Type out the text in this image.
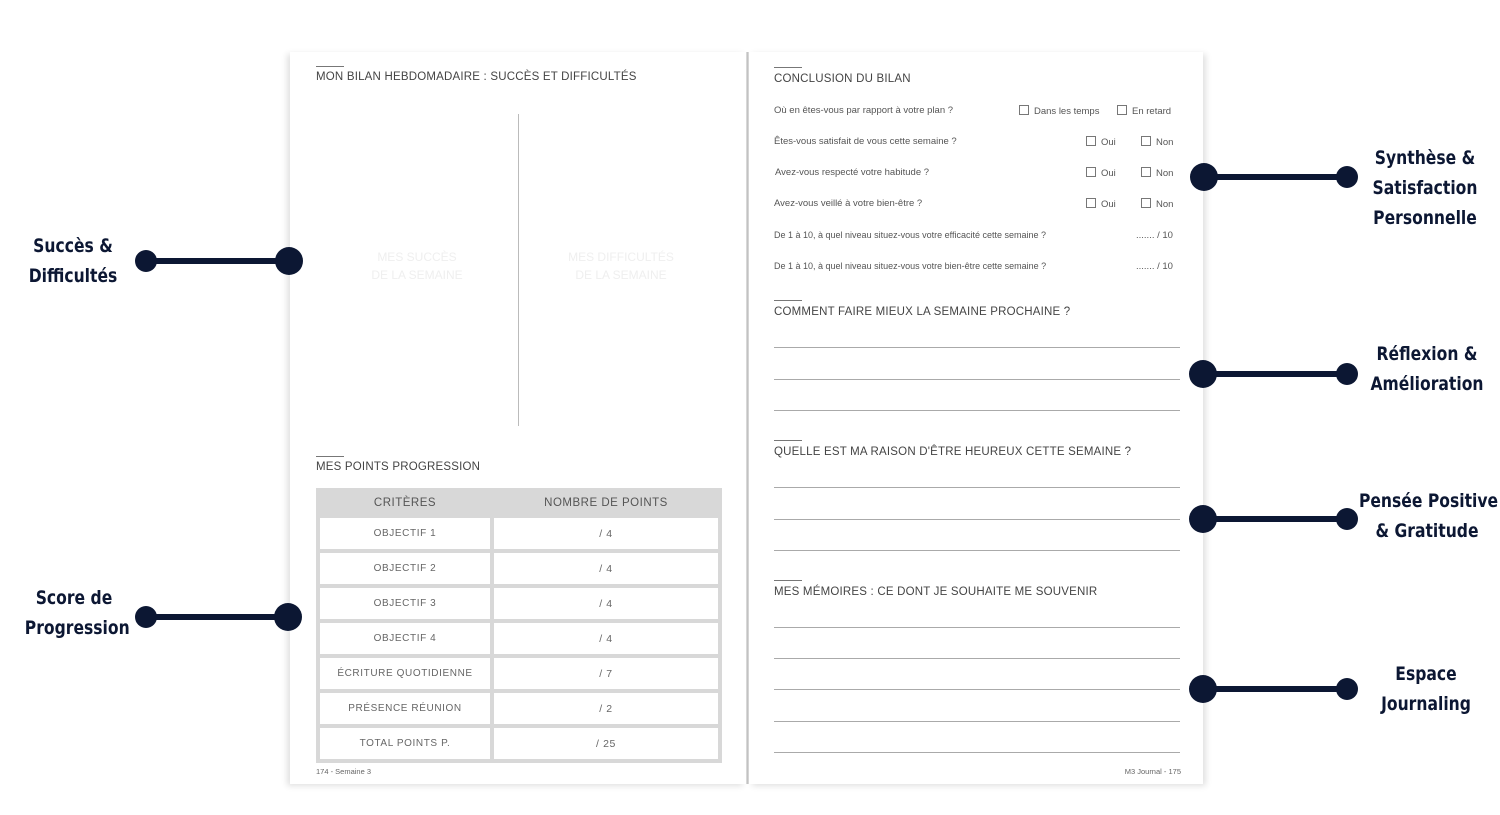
MON BILAN HEBDOMADAIRE : SUCCÈS ET DIFFICULTÉS
MES SUCCÈS
DE LA SEMAINE
MES DIFFICULTÉS
DE LA SEMAINE
MES POINTS PROGRESSION
CRITÈRES	NOMBRE DE POINTS
OBJECTIF 1	/ 4
OBJECTIF 2	/ 4
OBJECTIF 3	/ 4
OBJECTIF 4	/ 4
ÉCRITURE QUOTIDIENNE	/ 7
PRÉSENCE RÉUNION	/ 2
TOTAL POINTS P.	/ 25
174 - Semaine 3
CONCLUSION DU BILAN
Où en êtes-vous par rapport à votre plan ?	Dans les temps	En retard
Êtes-vous satisfait de vous cette semaine ?	Oui	Non
Avez-vous respecté votre habitude ?	Oui	Non
Avez-vous veillé à votre bien-être ?	Oui	Non
De 1 à 10, à quel niveau situez-vous votre efficacité cette semaine ?	....... / 10
De 1 à 10, à quel niveau situez-vous votre bien-être cette semaine ?	....... / 10
COMMENT FAIRE MIEUX LA SEMAINE PROCHAINE ?
QUELLE EST MA RAISON D'ÊTRE HEUREUX CETTE SEMAINE ?
MES MÉMOIRES : CE DONT JE SOUHAITE ME SOUVENIR
M3 Journal - 175
Succès &
Difficultés
Score de
Progression
Synthèse &
Satisfaction
Personnelle
Réflexion &
Amélioration
Pensée Positive
& Gratitude
Espace
Journaling
